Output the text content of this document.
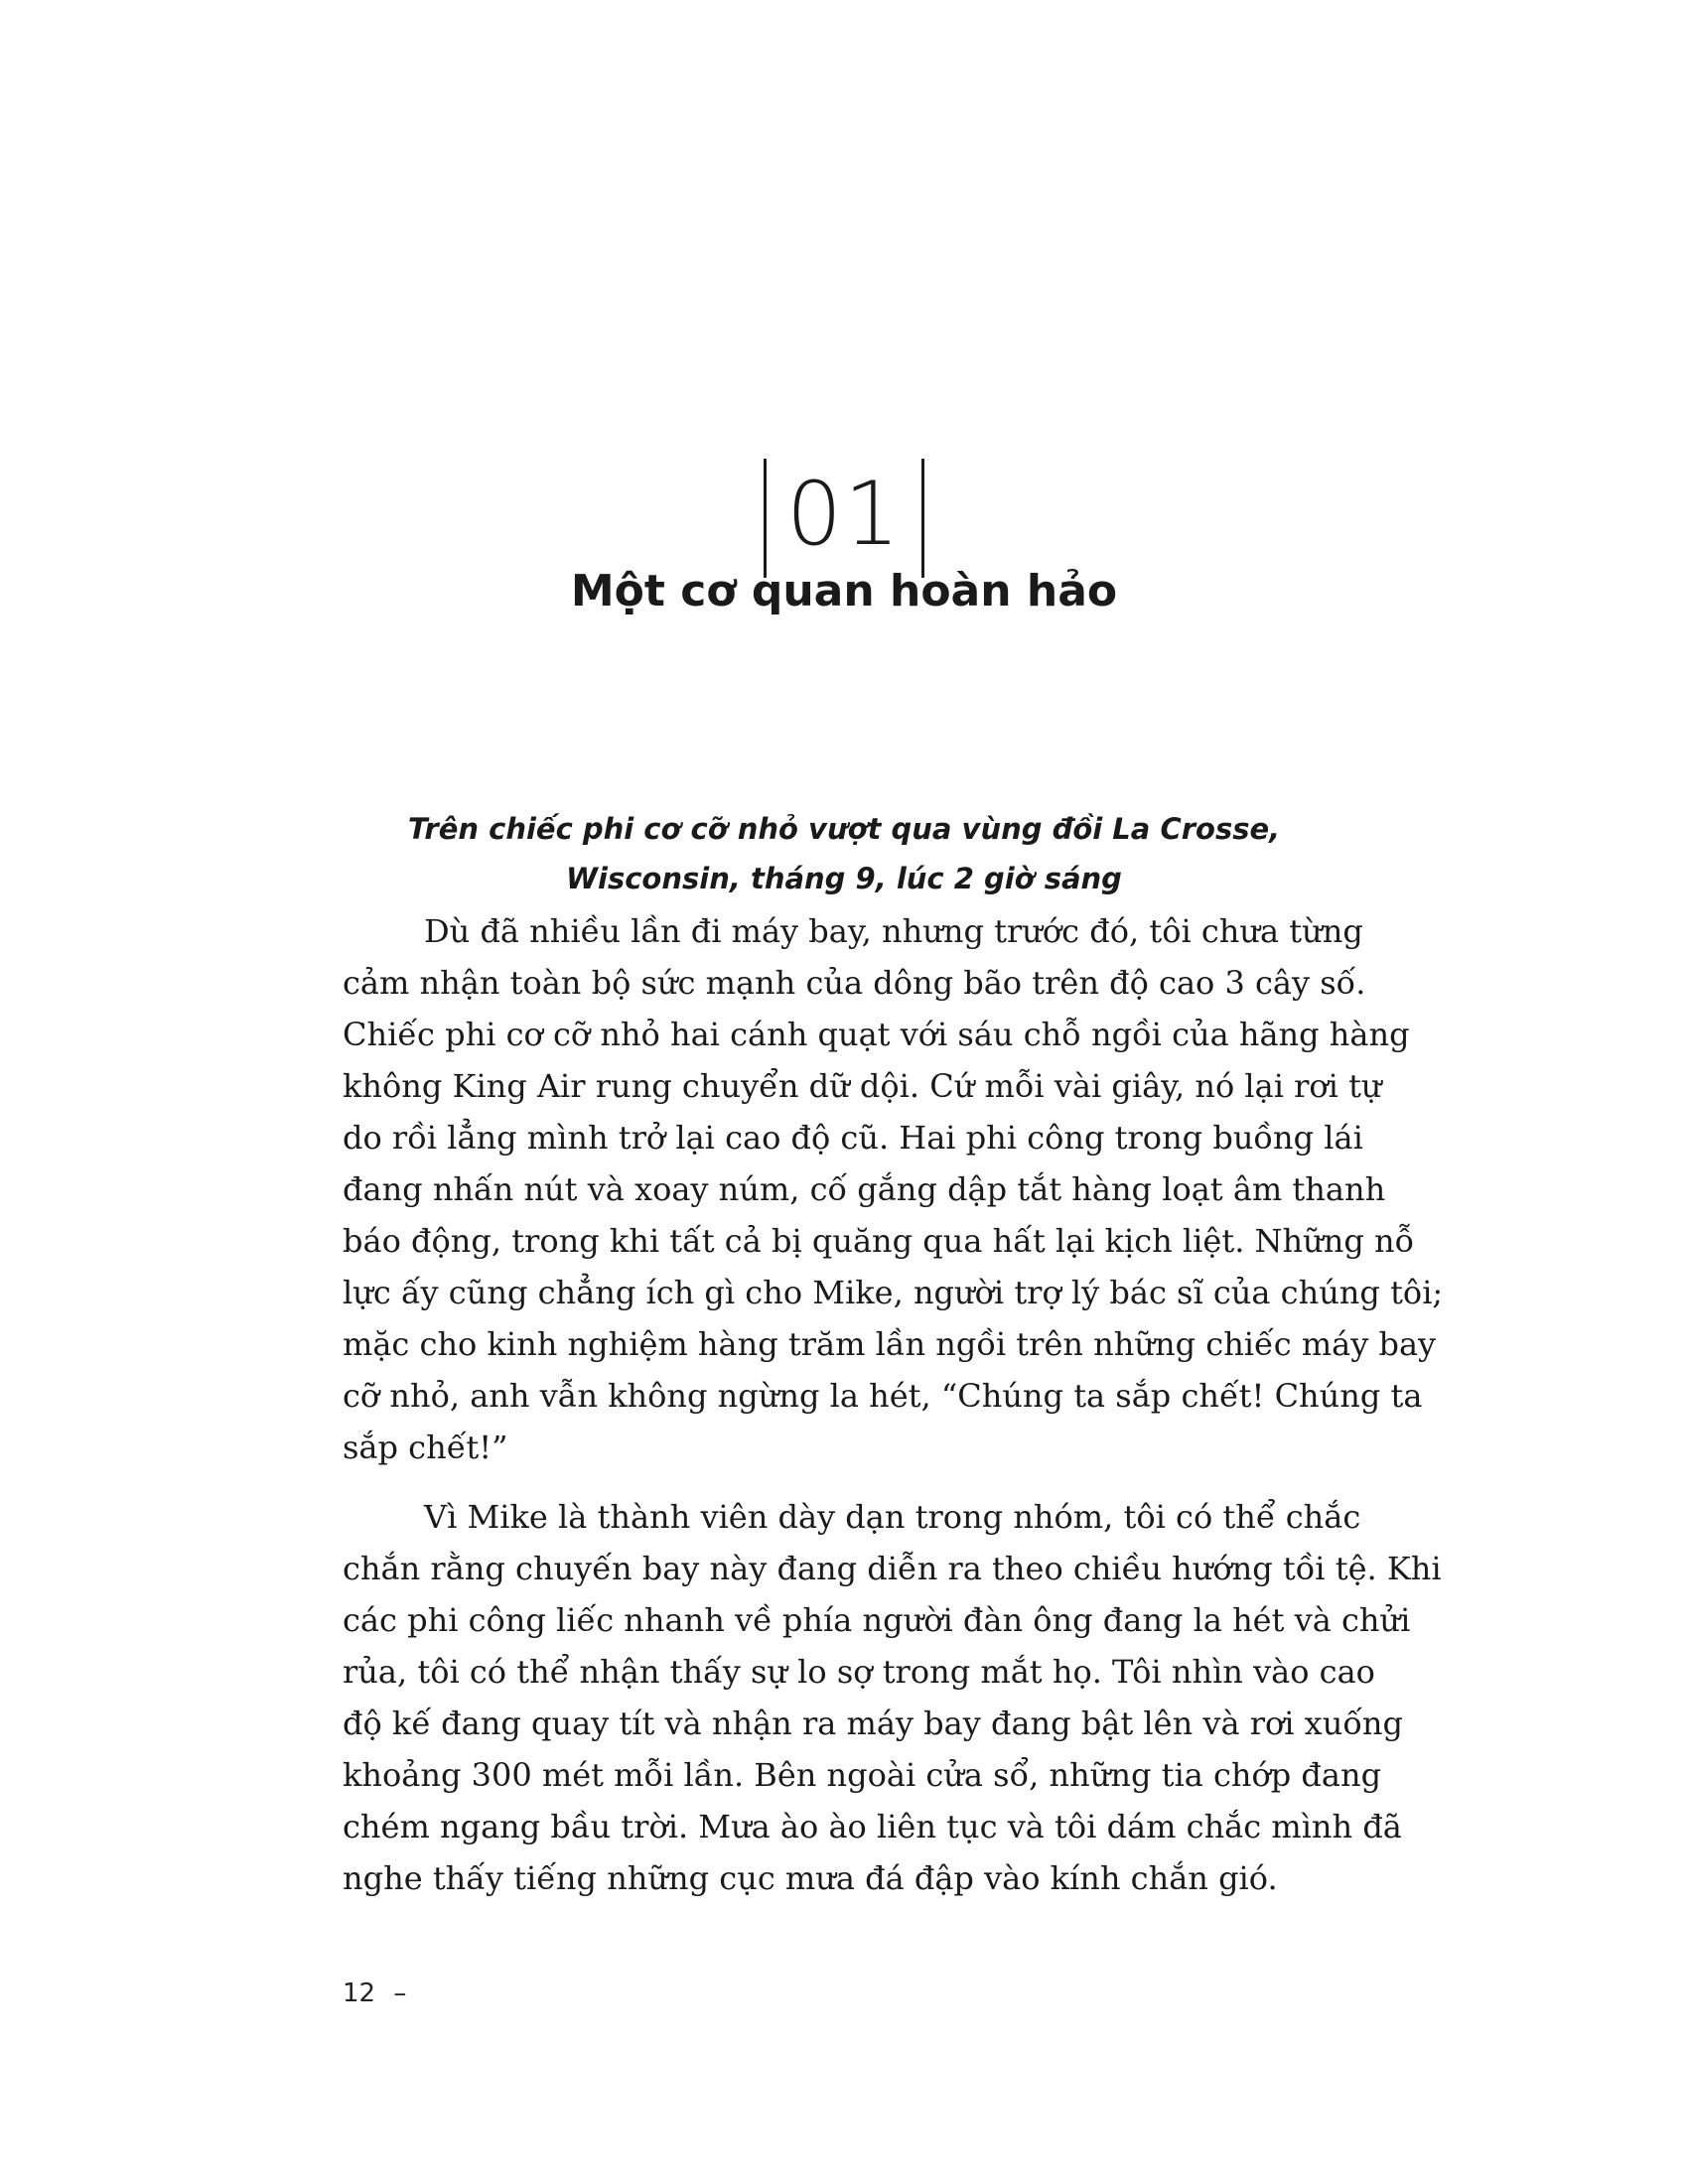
01
Một cơ quan hoàn hảo
Trên chiếc phi cơ cỡ nhỏ vượt qua vùng đồi La Crosse,
Wisconsin, tháng 9, lúc 2 giờ sáng
Dù đã nhiều lần đi máy bay, nhưng trước đó, tôi chưa từng
cảm nhận toàn bộ sức mạnh của dông bão trên độ cao 3 cây số.
Chiếc phi cơ cỡ nhỏ hai cánh quạt với sáu chỗ ngồi của hãng hàng
không King Air rung chuyển dữ dội. Cứ mỗi vài giây, nó lại rơi tự
do rồi lẳng mình trở lại cao độ cũ. Hai phi công trong buồng lái
đang nhấn nút và xoay núm, cố gắng dập tắt hàng loạt âm thanh
báo động, trong khi tất cả bị quăng qua hất lại kịch liệt. Những nỗ
lực ấy cũng chẳng ích gì cho Mike, người trợ lý bác sĩ của chúng tôi;
mặc cho kinh nghiệm hàng trăm lần ngồi trên những chiếc máy bay
cỡ nhỏ, anh vẫn không ngừng la hét, “Chúng ta sắp chết! Chúng ta
sắp chết!”
Vì Mike là thành viên dày dạn trong nhóm, tôi có thể chắc
chắn rằng chuyến bay này đang diễn ra theo chiều hướng tồi tệ. Khi
các phi công liếc nhanh về phía người đàn ông đang la hét và chửi
rủa, tôi có thể nhận thấy sự lo sợ trong mắt họ. Tôi nhìn vào cao
độ kế đang quay tít và nhận ra máy bay đang bật lên và rơi xuống
khoảng 300 mét mỗi lần. Bên ngoài cửa sổ, những tia chớp đang
chém ngang bầu trời. Mưa ào ào liên tục và tôi dám chắc mình đã
nghe thấy tiếng những cục mưa đá đập vào kính chắn gió.
12 –
